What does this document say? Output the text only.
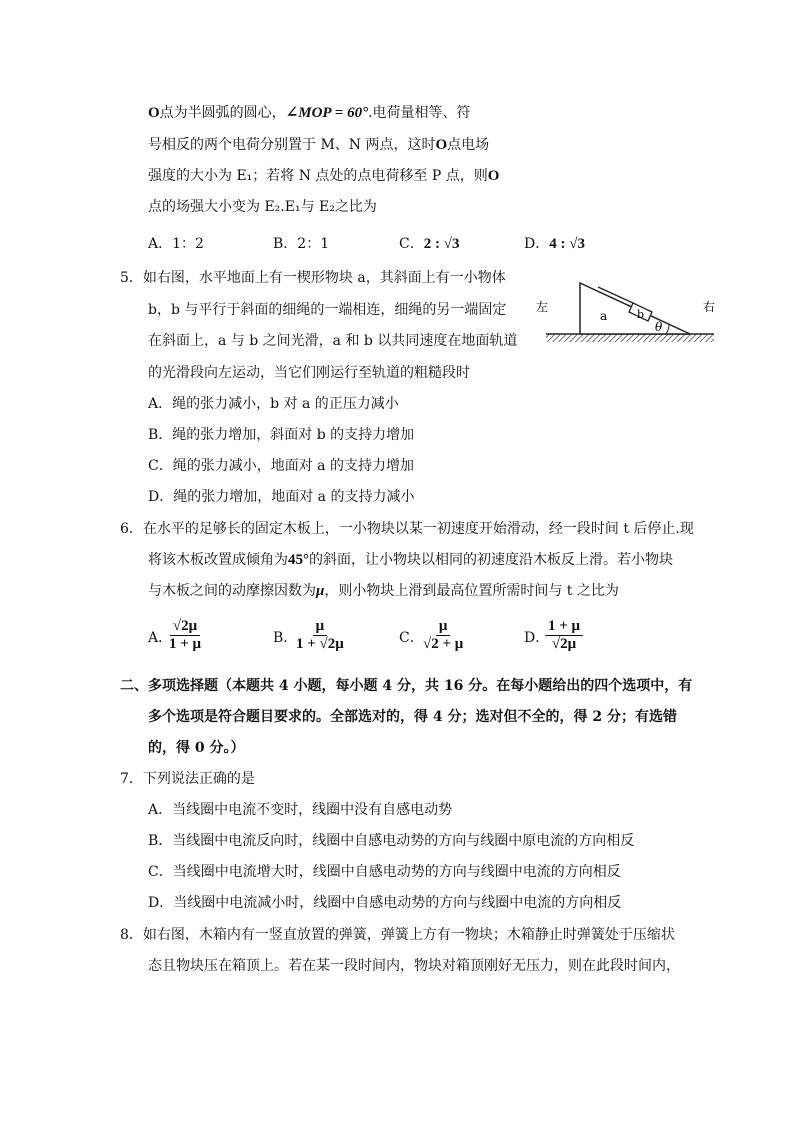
O点为半圆弧的圆心，∠MOP = 60°.电荷量相等、符
号相反的两个电荷分别置于 M、N 两点，这时O点电场
强度的大小为 E₁；若将 N 点处的点电荷移至 P 点，则O
点的场强大小变为 E₂.E₁与 E₂之比为
A．1：2	B．2：1	C．2 : √3	D．4 : √3
5．如右图，水平地面上有一楔形物块 a，其斜面上有一小物体
b，b 与平行于斜面的细绳的一端相连，细绳的另一端固定
在斜面上，a 与 b 之间光滑，a 和 b 以共同速度在地面轨道
的光滑段向左运动，当它们刚运行至轨道的粗糙段时
左	右
a	b
θ
A．绳的张力减小，b 对 a 的正压力减小
B．绳的张力增加，斜面对 b 的支持力增加
C．绳的张力减小，地面对 a 的支持力增加
D．绳的张力增加，地面对 a 的支持力减小
6．在水平的足够长的固定木板上，一小物块以某一初速度开始滑动，经一段时间 t 后停止.现
将该木板改置成倾角为45°的斜面，让小物块以相同的初速度沿木板反上滑。若小物块
与木板之间的动摩擦因数为μ，则小物块上滑到最高位置所需时间与 t 之比为
A．
$\frac{√2\mu}{1 + \mu}$	B．
$\frac{\mu}{1 + √2\mu}$	C．
$\frac{\mu}{√2 + \mu}$	D．
$\frac{1 + \mu}{√2\mu}$
二、多项选择题（本题共 4 小题，每小题 4 分，共 16 分。在每小题给出的四个选项中，有
多个选项是符合题目要求的。全部选对的，得 4 分；选对但不全的，得 2 分；有选错
的，得 0 分。）
7．下列说法正确的是
A．当线圈中电流不变时，线圈中没有自感电动势
B．当线圈中电流反向时，线圈中自感电动势的方向与线圈中原电流的方向相反
C．当线圈中电流增大时，线圈中自感电动势的方向与线圈中电流的方向相反
D．当线圈中电流减小时，线圈中自感电动势的方向与线圈中电流的方向相反
8．如右图，木箱内有一竖直放置的弹簧，弹簧上方有一物块；木箱静止时弹簧处于压缩状
态且物块压在箱顶上。若在某一段时间内，物块对箱顶刚好无压力，则在此段时间内，
